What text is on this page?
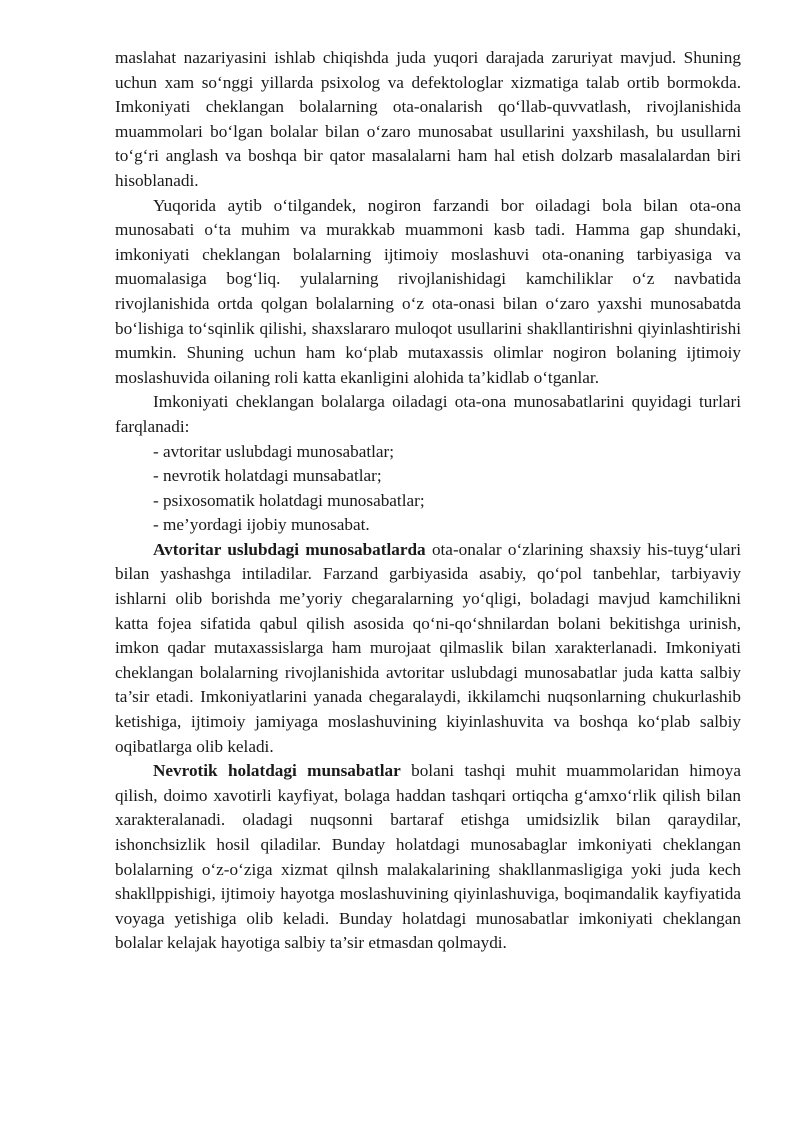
maslahat nazariyasini ishlab chiqishda juda yuqori darajada zaruriyat mavjud. Shuning uchun xam so‘nggi yillarda psixolog va defektologlar xizmatiga talab ortib bormokda. Imkoniyati cheklangan bolalarning ota-onalarish qo‘llab-quvvatlash, rivojlanishida muammolari bo‘lgan bolalar bilan o‘zaro munosabat usullarini yaxshilash, bu usullarni to‘g‘ri anglash va boshqa bir qator masalalarni ham hal etish dolzarb masalalardan biri hisoblanadi.

Yuqorida aytib o‘tilgandek, nogiron farzandi bor oiladagi bola bilan ota-ona munosabati o‘ta muhim va murakkab muammoni kasb tadi. Hamma gap shundaki, imkoniyati cheklangan bolalarning ijtimoiy moslashuvi ota-onaning tarbiyasiga va muomalasiga bog‘liq. yulalarning rivojlanishidagi kamchiliklar o‘z navbatida rivojlanishida ortda qolgan bolalarning o‘z ota-onasi bilan o‘zaro yaxshi munosabatda bo‘lishiga to‘sqinlik qilishi, shaxslararo muloqot usullarini shakllantirishni qiyinlashtirishi mumkin. Shuning uchun ham ko‘plab mutaxassis olimlar nogiron bolaning ijtimoiy moslashuvida oilaning roli katta ekanligini alohida ta’kidlab o‘tganlar.

Imkoniyati cheklangan bolalarga oiladagi ota-ona munosabatlarini quyidagi turlari farqlanadi:

- avtoritar uslubdagi munosabatlar;

- nevrotik holatdagi munsabatlar;

- psixosomatik holatdagi munosabatlar;

- me’yordagi ijobiy munosabat.

Avtoritar uslubdagi munosabatlarda ota-onalar o‘zlarining shaxsiy his-tuyg‘ulari bilan yashashga intiladilar. Farzand garbiyasida asabiy, qo‘pol tanbehlar, tarbiyaviy ishlarni olib borishda me’yoriy chegaralarning yo‘qligi, boladagi mavjud kamchilikni katta fojea sifatida qabul qilish asosida qo‘ni-qo‘shnilardan bolani bekitishga urinish, imkon qadar mutaxassislarga ham murojaat qilmaslik bilan xarakterlanadi. Imkoniyati cheklangan bolalarning rivojlanishida avtoritar uslubdagi munosabatlar juda katta salbiy ta’sir etadi. Imkoniyatlarini yanada chegaralaydi, ikkilamchi nuqsonlarning chukurlashib ketishiga, ijtimoiy jamiyaga moslashuvining kiyinlashuvita va boshqa ko‘plab salbiy oqibatlarga olib keladi.

Nevrotik holatdagi munsabatlar bolani tashqi muhit muammolaridan himoya qilish, doimo xavotirli kayfiyat, bolaga haddan tashqari ortiqcha g‘amxo‘rlik qilish bilan xarakteralanadi. oladagi nuqsonni bartaraf etishga umidsizlik bilan qaraydilar, ishonchsizlik hosil qiladilar. Bunday holatdagi munosabaglar imkoniyati cheklangan bolalarning o‘z-o‘ziga xizmat qilnsh malakalarining shakllanmasligiga yoki juda kech shakllppishigi, ijtimoiy hayotga moslashuvining qiyinlashuviga, boqimandalik kayfiyatida voyaga yetishiga olib keladi. Bunday holatdagi munosabatlar imkoniyati cheklangan bolalar kelajak hayotiga salbiy ta’sir etmasdan qolmaydi.
